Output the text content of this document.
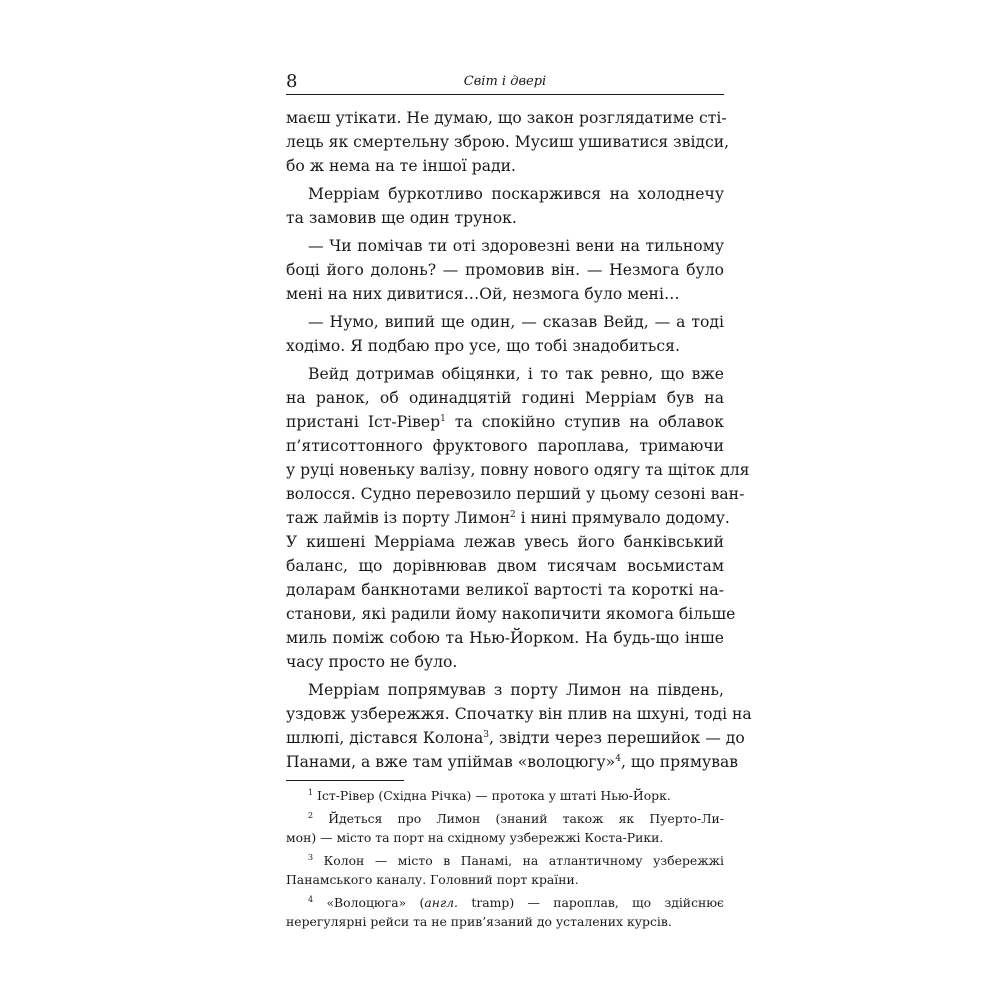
8	Світ і двері
маєш утікати. Не думаю, що закон розглядатиме сті-
лець як смертельну зброю. Мусиш ушиватися звідси,
бо ж нема на те іншої ради.
Мерріам буркотливо поскаржився на холоднечу
та замовив ще один трунок.
— Чи помічав ти оті здоровезні вени на тильному
боці його долонь? — промовив він. — Незмога було
мені на них дивитися…Ой, незмога було мені…
— Нумо, випий ще один, — сказав Вейд, — а тоді
ходімо. Я подбаю про усе, що тобі знадобиться.
Вейд дотримав обіцянки, і то так ревно, що вже
на ранок, об одинадцятій годині Мерріам був на
пристані Іст-Рівер$^1$ та спокійно ступив на облавок
п’ятисоттонного фруктового пароплава, тримаючи
у руці новеньку валізу, повну нового одягу та щіток для
волосся. Судно перевозило перший у цьому сезоні ван-
таж лаймів із порту Лимон$^2$ і нині прямувало додому.
У кишені Мерріама лежав увесь його банківський
баланс, що дорівнював двом тисячам восьмистам
доларам банкнотами великої вартості та короткі на-
станови, які радили йому накопичити якомога більше
миль поміж собою та Нью-Йорком. На будь-що інше
часу просто не було.
Мерріам попрямував з порту Лимон на південь,
уздовж узбережжя. Спочатку він плив на шхуні, тоді на
шлюпі, дістався Колона$^3$, звідти через перешийок — до
Панами, а вже там упіймав «волоцюгу»$^4$, що прямував
$^1$ Іст-Рівер (Східна Річка) — протока у штаті Нью-Йорк.
$^2$ Йдеться про Лимон (знаний також як Пуерто-Ли-
мон) — місто та порт на східному узбережжі Коста-Рики.
$^3$ Колон — місто в Панамі, на атлантичному узбережжі
Панамського каналу. Головний порт країни.
$^4$ «Волоцюга» (англ. tramp) — пароплав, що здійснює
нерегулярні рейси та не прив’язаний до усталених курсів.
